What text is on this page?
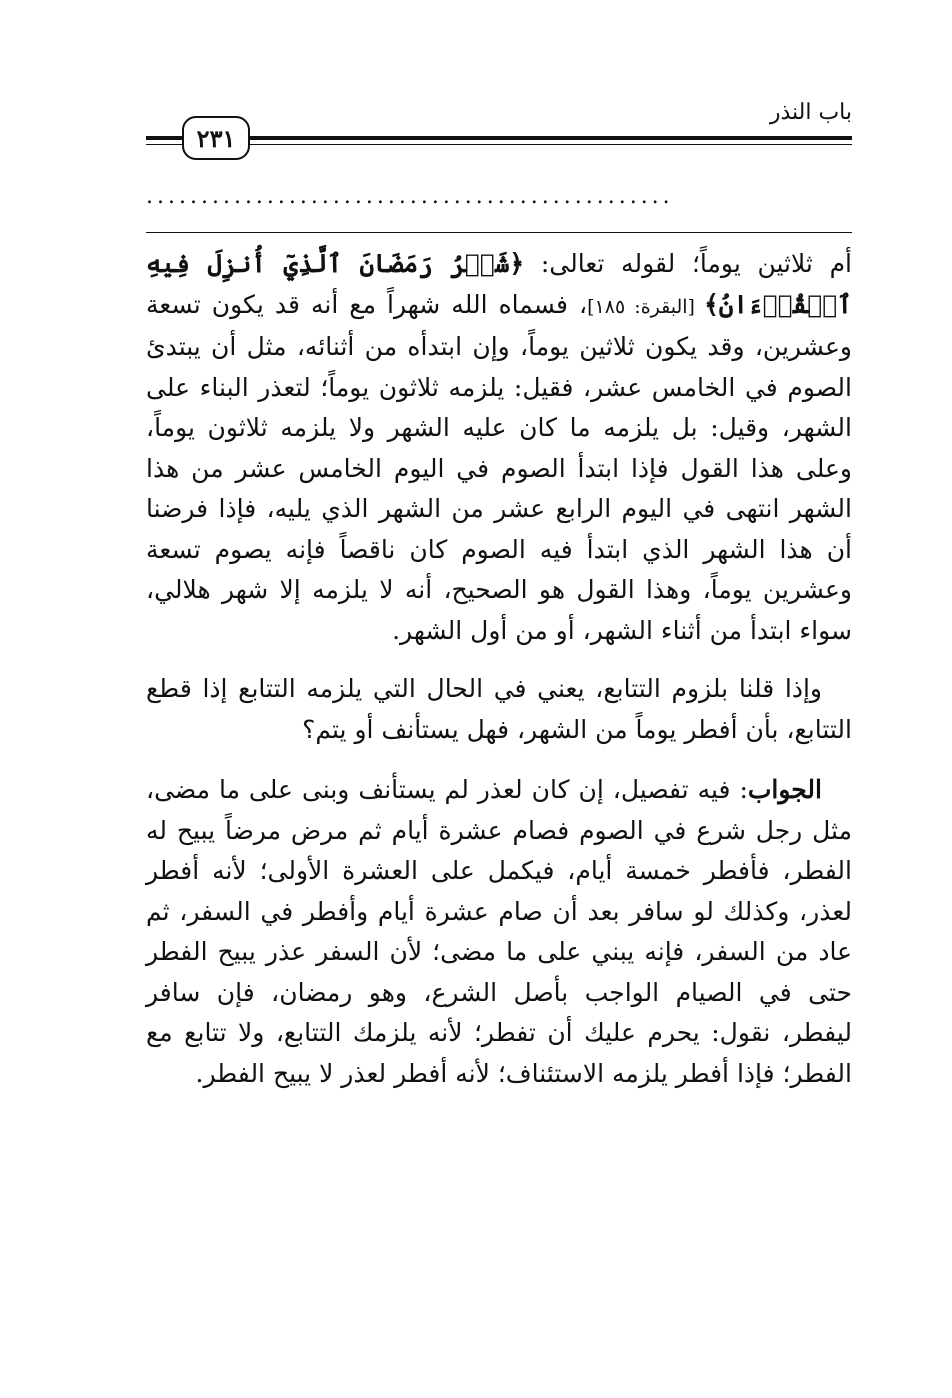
باب النذر
٢٣١
................................................

أم ثلاثين يوماً؛ لقوله تعالى: ﴿شَهۡرُ رَمَضَانَ ٱلَّذِيٓ أُنزِلَ فِيهِ ٱلۡقُرۡءَانُ﴾ [البقرة: ١٨٥]، فسماه الله شهراً مع أنه قد يكون تسعة وعشرين، وقد يكون ثلاثين يوماً، وإن ابتدأه من أثنائه، مثل أن يبتدئ الصوم في الخامس عشر، فقيل: يلزمه ثلاثون يوماً؛ لتعذر البناء على الشهر، وقيل: بل يلزمه ما كان عليه الشهر ولا يلزمه ثلاثون يوماً، وعلى هذا القول فإذا ابتدأ الصوم في اليوم الخامس عشر من هذا الشهر انتهى في اليوم الرابع عشر من الشهر الذي يليه، فإذا فرضنا أن هذا الشهر الذي ابتدأ فيه الصوم كان ناقصاً فإنه يصوم تسعة وعشرين يوماً، وهذا القول هو الصحيح، أنه لا يلزمه إلا شهر هلالي، سواء ابتدأ من أثناء الشهر، أو من أول الشهر.

وإذا قلنا بلزوم التتابع، يعني في الحال التي يلزمه التتابع إذا قطع التتابع، بأن أفطر يوماً من الشهر، فهل يستأنف أو يتم؟

الجواب: فيه تفصيل، إن كان لعذر لم يستأنف وبنى على ما مضى، مثل رجل شرع في الصوم فصام عشرة أيام ثم مرض مرضاً يبيح له الفطر، فأفطر خمسة أيام، فيكمل على العشرة الأولى؛ لأنه أفطر لعذر، وكذلك لو سافر بعد أن صام عشرة أيام وأفطر في السفر، ثم عاد من السفر، فإنه يبني على ما مضى؛ لأن السفر عذر يبيح الفطر حتى في الصيام الواجب بأصل الشرع، وهو رمضان، فإن سافر ليفطر، نقول: يحرم عليك أن تفطر؛ لأنه يلزمك التتابع، ولا تتابع مع الفطر؛ فإذا أفطر يلزمه الاستئناف؛ لأنه أفطر لعذر لا يبيح الفطر.
